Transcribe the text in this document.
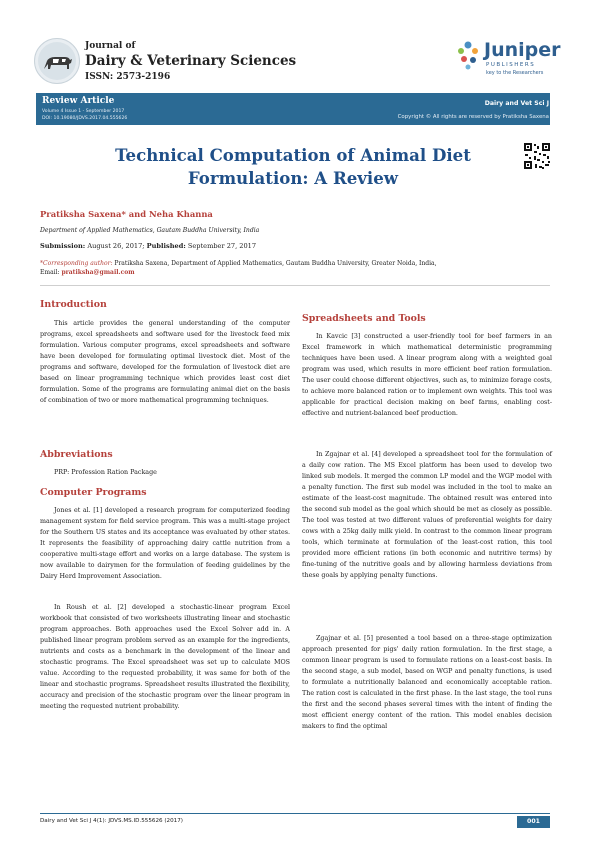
Journal of
Dairy & Veterinary Sciences
ISSN: 2573-2196
Juniper
PUBLISHERS
key to the Researchers
Review Article
Volume 4 Issue 1 - September 2017
DOI: 10.19080/JDVS.2017.04.555626
Dairy and Vet Sci J
Copyright © All rights are reserved by Pratiksha Saxena
Technical Computation of Animal Diet
Formulation: A Review
Pratiksha Saxena* and Neha Khanna
Department of Applied Mathematics, Gautam Buddha University, India
Submission: August 26, 2017; Published: September 27, 2017
*Corresponding author: Pratiksha Saxena, Department of Applied Mathematics, Gautam Buddha University, Greater Noida, India,
Email: pratiksha@gmail.com
Introduction

This article provides the general understanding of the computer programs, excel spreadsheets and software used for the livestock feed mix formulation. Various computer programs, excel spreadsheets and software have been developed for formulating optimal livestock diet. Most of the programs and software, developed for the formulation of livestock diet are based on linear programming technique which provides least cost diet formulation. Some of the programs are formulating animal diet on the basis of combination of two or more mathematical programming techniques.

Abbreviations

PRP: Profession Ration Package

Computer Programs

Jones et al. [1] developed a research program for computerized feeding management system for field service program. This was a multi-stage project for the Southern US states and its acceptance was evaluated by other states. It represents the feasibility of approaching dairy cattle nutrition from a cooperative multi-stage effort and works on a large database. The system is now available to dairymen for the formulation of feeding guidelines by the Dairy Herd Improvement Association.

In Roush et al. [2] developed a stochastic-linear program Excel workbook that consisted of two worksheets illustrating linear and stochastic program approaches. Both approaches used the Excel Solver add in. A published linear program problem served as an example for the ingredients, nutrients and costs as a benchmark in the development of the linear and stochastic programs. The Excel spreadsheet was set up to calculate MOS value. According to the requested probability, it was same for both of the linear and stochastic programs. Spreadsheet results illustrated the flexibility, accuracy and precision of the stochastic program over the linear program in meeting the requested nutrient probability.

Spreadsheets and Tools

In Kavcic [3] constructed a user-friendly tool for beef farmers in an Excel framework in which mathematical deterministic programming techniques have been used. A linear program along with a weighted goal program was used, which results in more efficient beef ration formulation. The user could choose different objectives, such as, to minimize forage costs, to achieve more balanced ration or to implement own weights. This tool was applicable for practical decision making on beef farms, enabling cost-effective and nutrient-balanced beef production.

In Zgajnar et al. [4] developed a spreadsheet tool for the formulation of a daily cow ration. The MS Excel platform has been used to develop two linked sub models. It merged the common LP model and the WGP model with a penalty function. The first sub model was included in the tool to make an estimate of the least-cost magnitude. The obtained result was entered into the second sub model as the goal which should be met as closely as possible. The tool was tested at two different values of preferential weights for dairy cows with a 25kg daily milk yield. In contrast to the common linear program tools, which terminate at formulation of the least-cost ration, this tool provided more efficient rations (in both economic and nutritive terms) by fine-tuning of the nutritive goals and by allowing harmless deviations from these goals by applying penalty functions.

Zgajnar et al. [5] presented a tool based on a three-stage optimization approach presented for pigs' daily ration formulation. In the first stage, a common linear program is used to formulate rations on a least-cost basis. In the second stage, a sub model, based on WGP and penalty functions, is used to formulate a nutritionally balanced and economically acceptable ration. The ration cost is calculated in the first phase. In the last stage, the tool runs the first and the second phases several times with the intent of finding the most efficient energy content of the ration. This model enables decision makers to find the optimal

Dairy and Vet Sci J 4(1): JDVS.MS.ID.555626 (2017)	001
